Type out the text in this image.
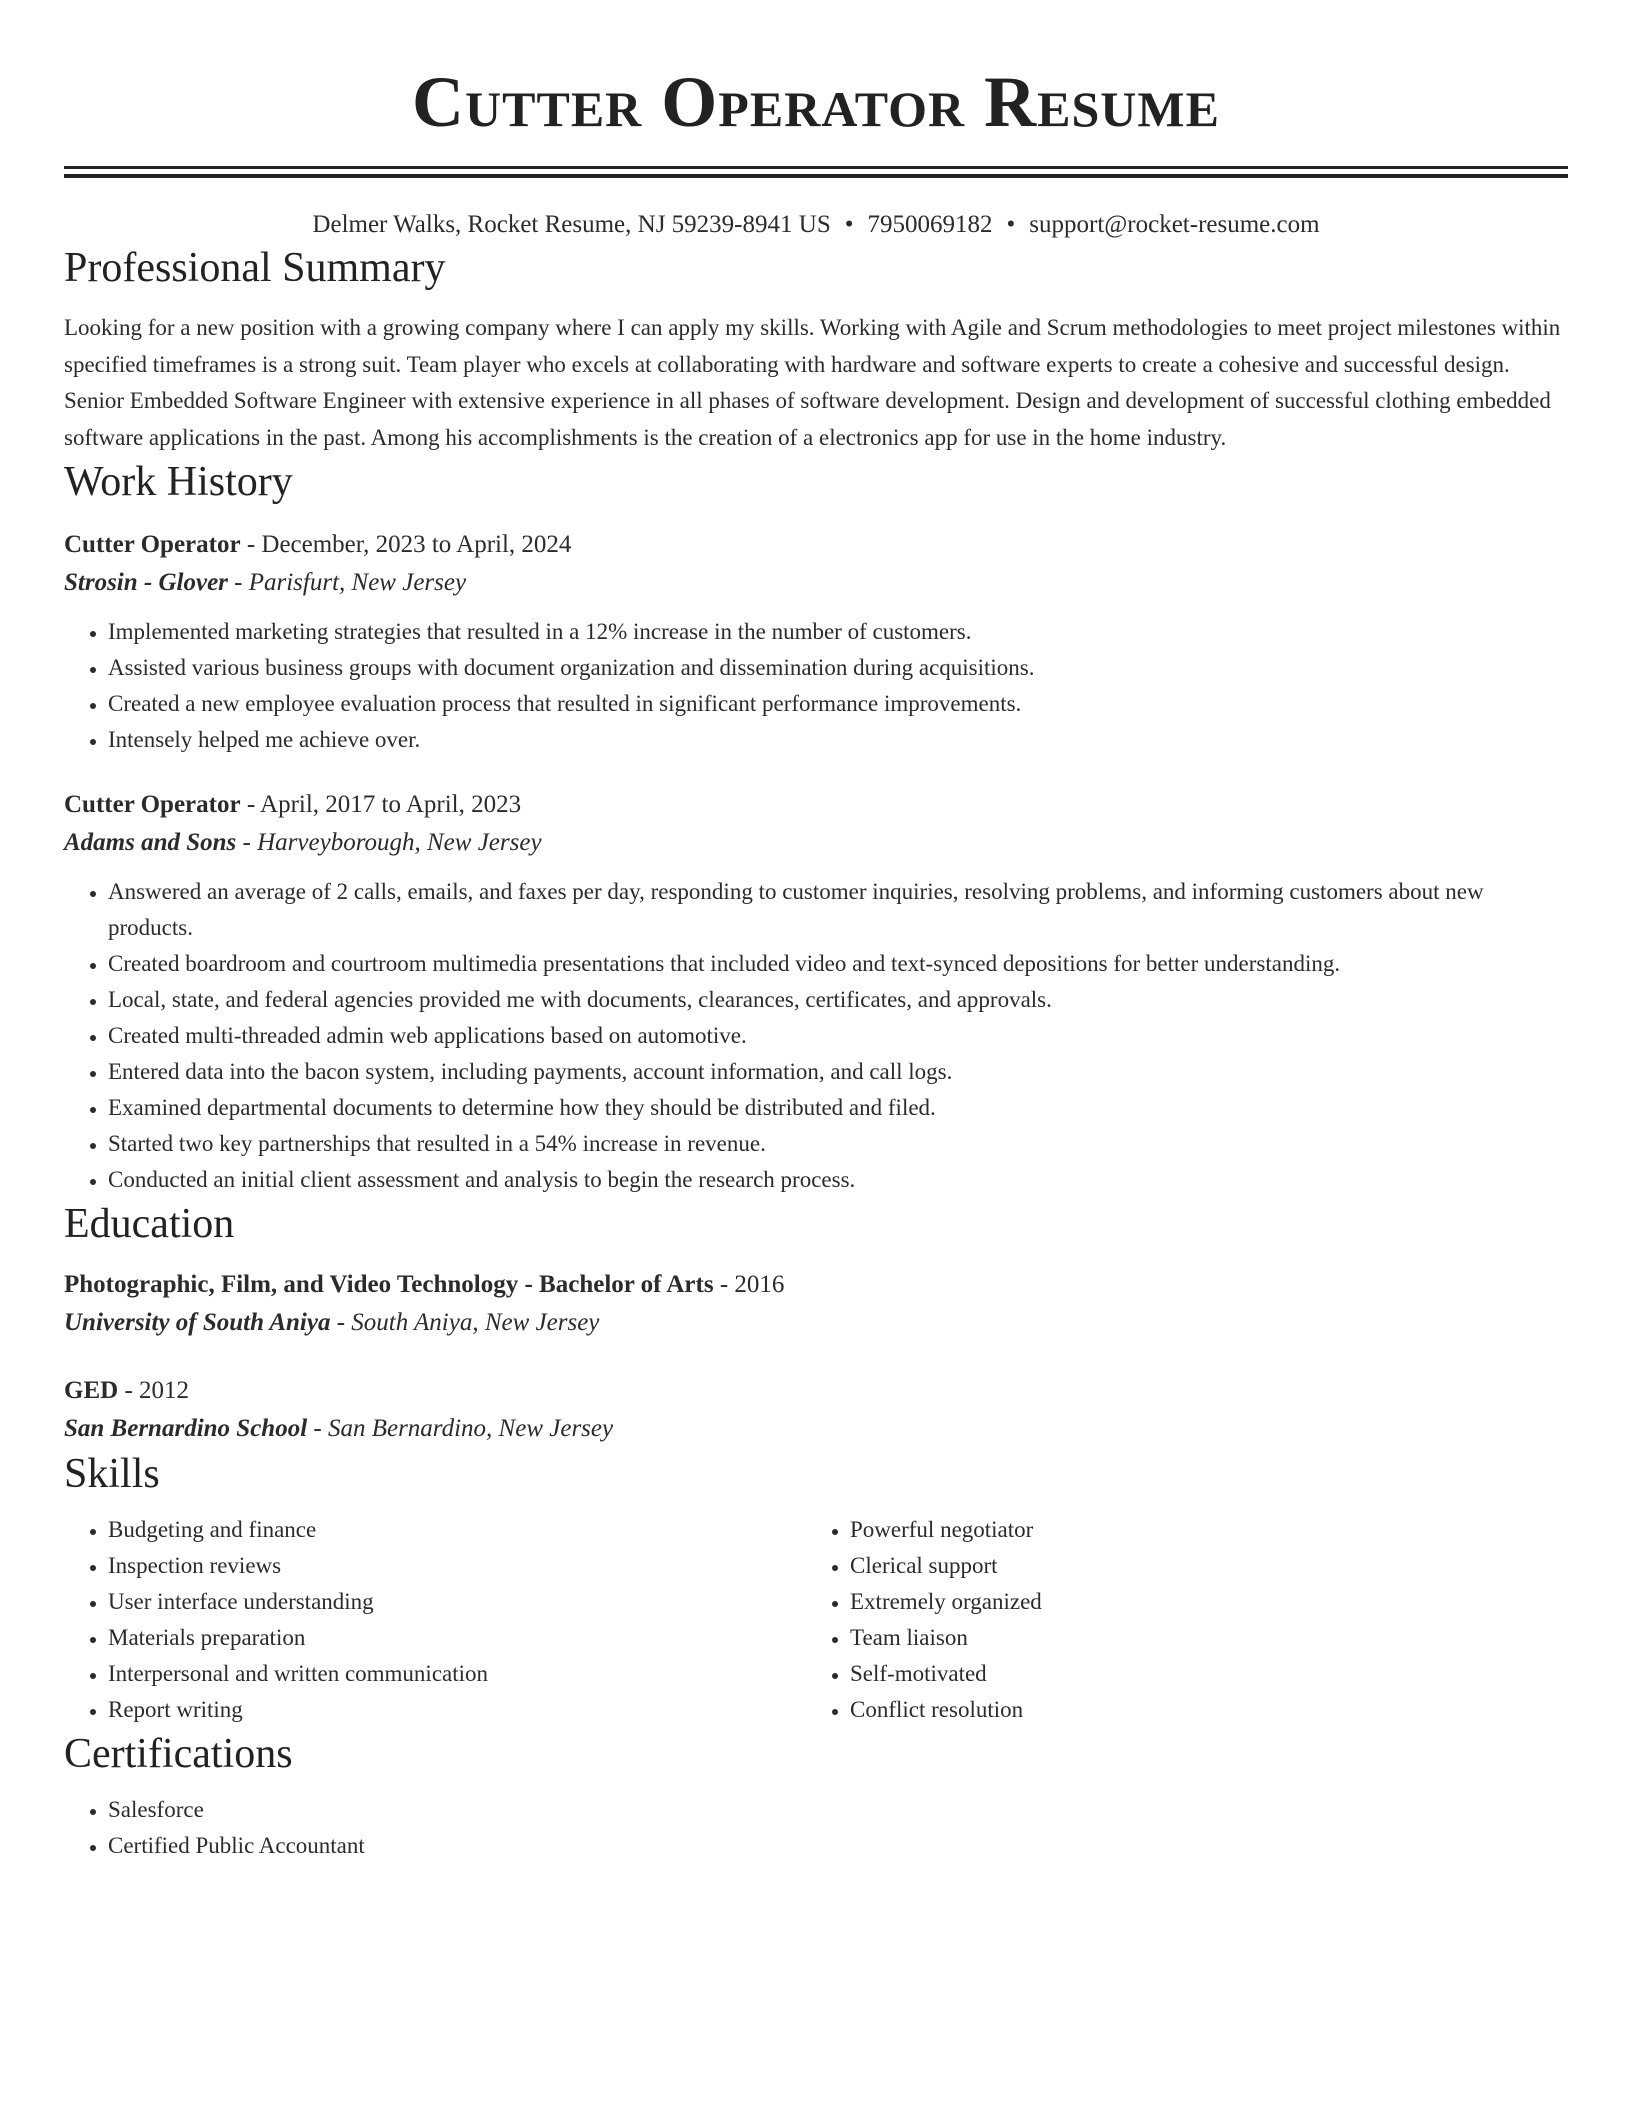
Cutter Operator Resume
Delmer Walks, Rocket Resume, NJ 59239-8941 US • 7950069182 • support@rocket-resume.com
Professional Summary

Looking for a new position with a growing company where I can apply my skills. Working with Agile and Scrum methodologies to meet project milestones within specified timeframes is a strong suit. Team player who excels at collaborating with hardware and software experts to create a cohesive and successful design. Senior Embedded Software Engineer with extensive experience in all phases of software development. Design and development of successful clothing embedded software applications in the past. Among his accomplishments is the creation of a electronics app for use in the home industry.

Work History

Cutter Operator - December, 2023 to April, 2024

Strosin - Glover - Parisfurt, New Jersey

• Implemented marketing strategies that resulted in a 12% increase in the number of customers.
• Assisted various business groups with document organization and dissemination during acquisitions.
• Created a new employee evaluation process that resulted in significant performance improvements.
• Intensely helped me achieve over.

Cutter Operator - April, 2017 to April, 2023

Adams and Sons - Harveyborough, New Jersey

• Answered an average of 2 calls, emails, and faxes per day, responding to customer inquiries, resolving problems, and informing customers about new products.
• Created boardroom and courtroom multimedia presentations that included video and text-synced depositions for better understanding.
• Local, state, and federal agencies provided me with documents, clearances, certificates, and approvals.
• Created multi-threaded admin web applications based on automotive.
• Entered data into the bacon system, including payments, account information, and call logs.
• Examined departmental documents to determine how they should be distributed and filed.
• Started two key partnerships that resulted in a 54% increase in revenue.
• Conducted an initial client assessment and analysis to begin the research process.
Education

Photographic, Film, and Video Technology - Bachelor of Arts - 2016

University of South Aniya - South Aniya, New Jersey

GED - 2012

San Bernardino School - San Bernardino, New Jersey

Skills
• Budgeting and finance
• Inspection reviews
• User interface understanding
• Materials preparation
• Interpersonal and written communication
• Report writing
• Powerful negotiator
• Clerical support
• Extremely organized
• Team liaison
• Self-motivated
• Conflict resolution
Certifications
• Salesforce
• Certified Public Accountant
